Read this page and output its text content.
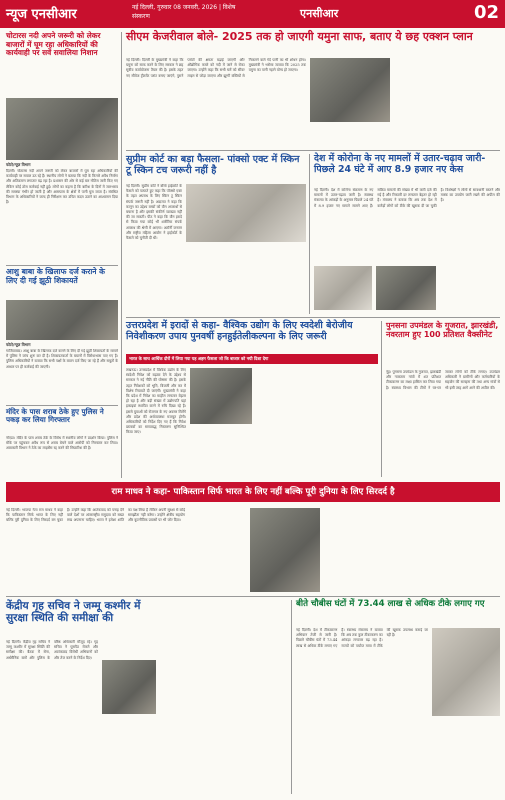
न्यूज एनसीआर	नई दिल्ली, गुरुवार 08 जनवरी, 2026 | विशेष संस्करण	एनसीआर	02
चोटारस नदी अपने जरूरी को लेकर बाजारों में घूम रहा अधिकारियों की कार्यवाही पर सवें सवालिया निशान
फोटो/न्यूज़ विभाग
दिल्ली। चोटारस नदी अपने जरूरी को लेकर बाजारों में घूम रहा अधिकारियों की कार्यवाही पर सवाल उठ रहे हैं। स्थानीय लोगों ने बताया कि नदी के किनारे अवैध निर्माण और अतिक्रमण लगातार बढ़ रहा है। प्रशासन की ओर से कई बार नोटिस जारी किए गए लेकिन कोई ठोस कार्रवाई नहीं हुई। लोगों का कहना है कि बारिश के दिनों में जलभराव की समस्या गंभीर हो जाती है और आसपास के क्षेत्रों में पानी घुस जाता है। संबंधित विभाग के अधिकारियों ने जल्द ही निरीक्षण कर उचित कदम उठाने का आश्वासन दिया है।
आशु बाबा के खिलाफ दर्ज कराने के लिए दी गई झूठी शिकायतें
फोटो/न्यूज़ विभाग
गाजियाबाद। आशु बाबा के खिलाफ दर्ज कराने के लिए दी गई झूठी शिकायतों के मामले में पुलिस ने जांच शुरू कर दी है। शिकायतकर्ता के बयानों में विरोधाभास पाए गए हैं। पुलिस अधिकारियों ने बताया कि सभी पक्षों के बयान दर्ज किए जा रहे हैं और सबूतों के आधार पर ही कार्रवाई की जाएगी।
मंदिर के पास शराब ठेके हुए पुलिस ने पकड़ कर लिया गिरफ्तार
नोएडा। मंदिर के पास शराब ठेके के विरोध में स्थानीय लोगों ने प्रदर्शन किया। पुलिस ने मौके पर पहुंचकर अवैध रूप से शराब बेचने वाले आरोपी को गिरफ्तार कर लिया। आबकारी विभाग ने ठेके का लाइसेंस रद्द करने की सिफारिश की है।
सीएम केजरीवाल बोले- 2025 तक हो जाएगी यमुना साफ, बताए ये छह एक्शन प्लान
नई दिल्ली। दिल्ली के मुख्यमंत्री ने कहा कि यमुना को साफ करने के लिए सरकार ने छह सूत्रीय कार्ययोजना तैयार की है। इसके तहत नए सीवेज ट्रीटमेंट प्लांट बनाए जाएंगे, पुराने प्लांटों की क्षमता बढ़ाई जाएगी और औद्योगिक कचरे को नदी में जाने से रोका जाएगा। उन्होंने कहा कि सभी घरों को सीवर लाइन से जोड़ा जाएगा और झुग्गी बस्तियों से निकलने वाले गंदे पानी का भी शोधन होगा। मुख्यमंत्री ने भरोसा जताया कि 2025 तक यमुना का पानी नहाने योग्य हो जाएगा।
सुप्रीम कोर्ट का बड़ा फैसला- पांक्सो एक्ट में स्किन टू स्किन टच जरूरी नहीं है
नई दिल्ली। सुप्रीम कोर्ट ने बॉम्बे हाईकोर्ट के फैसले को पलटते हुए कहा कि पॉक्सो एक्ट के तहत अपराध के लिए स्किन टू स्किन संपर्क जरूरी नहीं है। अदालत ने कहा कि कानून का उद्देश्य बच्चों को यौन अपराधों से बचाना है और इसकी संकीर्ण व्याख्या नहीं की जा सकती। पीठ ने कहा कि यौन इरादे से किया गया कोई भी शारीरिक संपर्क अपराध की श्रेणी में आएगा। अटॉर्नी जनरल और राष्ट्रीय महिला आयोग ने हाईकोर्ट के फैसले को चुनौती दी थी।
देश में कोरोना के नए मामलों में उतार-चढ़ाव जारी- पिछले 24 घंटे में आए 8.9 हजार नए केस
नई दिल्ली। देश में कोरोना संक्रमण के नए मामलों में उतार-चढ़ाव जारी है। स्वास्थ्य मंत्रालय के आंकड़ों के अनुसार पिछले 24 घंटे में 8.9 हजार नए मामले सामने आए हैं। सक्रिय मामलों की संख्या में भी कमी दर्ज की गई है और रिकवरी दर लगातार बेहतर हो रही है। मंत्रालय ने बताया कि अब तक देश में करोड़ों लोगों को टीके की खुराक दी जा चुकी है। विशेषज्ञों ने लोगों से सावधानी बरतने और मास्क का उपयोग जारी रखने की अपील की है।
उत्तरप्रदेश में इरादों से कहा- वैश्विक उद्योग के लिए स्वदेशी बेरोजीय निवेशीकरण उपाय पुनवर्षी हनहुईतेलीकल्पना के लिए जरूरी
भारत के साथ आर्थिक दौरों में लिया गया यह अहम फैसला जो कि बाजार को नयी दिशा देगा
लखनऊ। उत्तरप्रदेश में वैश्विक उद्योग के लिए स्वदेशी निवेश को बढ़ावा देने के उद्देश्य से सरकार ने नई नीति की घोषणा की है। इसके तहत निवेशकों को भूमि, बिजली और कर में विशेष रियायतें दी जाएंगी। मुख्यमंत्री ने कहा कि प्रदेश में निवेश का माहौल लगातार बेहतर हो रहा है और बड़ी संख्या में उद्योगपति यहां इकाइयां स्थापित करने में रुचि दिखा रहे हैं। इससे युवाओं को रोजगार के नए अवसर मिलेंगे और प्रदेश की अर्थव्यवस्था मजबूत होगी। अधिकारियों को निर्देश दिए गए हैं कि निवेश प्रस्तावों का समयबद्ध निस्तारण सुनिश्चित किया जाए।
पुनसना उपमंडल के गुजरात, झारखंडी, नवरताम हुए 100 प्रतिशत वैक्सीनेट
नूंह। पुनसना उपमंडल के गुजरात, झारखंडी और नवरताम गांवों में शत प्रतिशत टीकाकरण का लक्ष्य हासिल कर लिया गया है। स्वास्थ्य विभाग की टीमों ने घर-घर जाकर लोगों को टीके लगाए। उपमंडल अधिकारी ने ग्रामीणों और कर्मचारियों के सहयोग की सराहना की तथा अन्य गांवों से भी इसी तरह आगे आने की अपील की।
राम माधव ने कहा- पाकिस्तान सिर्फ भारत के लिए नहीं बल्कि पूरी दुनिया के लिए सिरदर्द है
नई दिल्ली। भाजपा नेता राम माधव ने कहा कि पाकिस्तान सिर्फ भारत के लिए नहीं बल्कि पूरी दुनिया के लिए सिरदर्द बन चुका है। उन्होंने कहा कि आतंकवाद को पनाह देने वाले देशों पर अंतरराष्ट्रीय समुदाय को सख्त रुख अपनाना चाहिए। भारत ने हमेशा शांति का पक्ष लिया है लेकिन अपनी सुरक्षा से कोई समझौता नहीं करेगा। उन्होंने क्षेत्रीय सहयोग और कूटनीतिक प्रयासों पर भी जोर दिया।
केंद्रीय गृह सचिव ने जम्मू कश्मीर में सुरक्षा स्थिति की समीक्षा की
नई दिल्ली। केंद्रीय गृह सचिव ने जम्मू कश्मीर में सुरक्षा स्थिति की समीक्षा की। बैठक में सेना, अर्धसैनिक बलों और पुलिस के वरिष्ठ अधिकारी मौजूद रहे। गृह सचिव ने घुसपैठ रोकने और आतंकवाद विरोधी अभियानों को और तेज करने के निर्देश दिए।
बीते चौबीस घंटों में 73.44 लाख से अधिक टीके लगाए गए
नई दिल्ली। देश में टीकाकरण अभियान तेजी से जारी है। पिछले चौबीस घंटों में 73.44 लाख से अधिक टीके लगाए गए हैं। स्वास्थ्य मंत्रालय ने बताया कि अब तक कुल टीकाकरण का आंकड़ा लगातार बढ़ रहा है। राज्यों को पर्याप्त मात्रा में टीके की खुराक उपलब्ध कराई जा रही है।
